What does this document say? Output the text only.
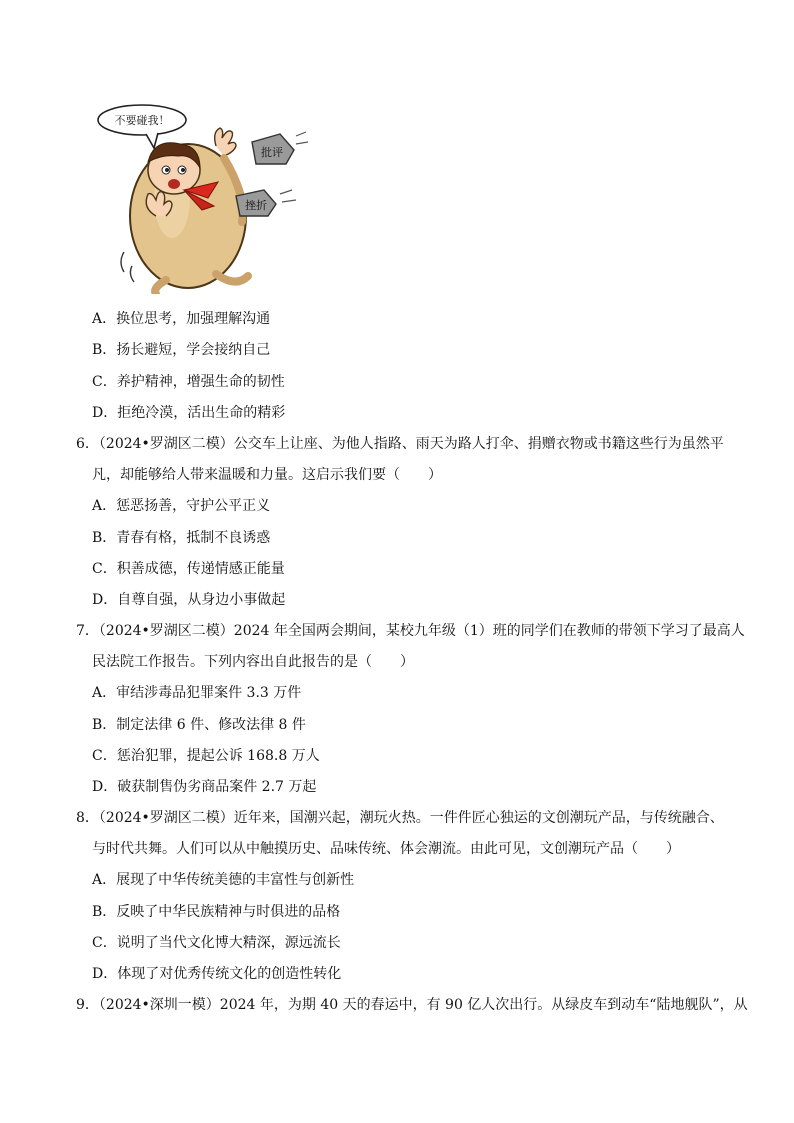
不要碰我！
批评
挫折
A．换位思考，加强理解沟通
B．扬长避短，学会接纳自己
C．养护精神，增强生命的韧性
D．拒绝冷漠，活出生命的精彩
6．（2024•罗湖区二模）公交车上让座、为他人指路、雨天为路人打伞、捐赠衣物或书籍这些行为虽然平
凡，却能够给人带来温暖和力量。这启示我们要（　　）
A．惩恶扬善，守护公平正义
B．青春有格，抵制不良诱惑
C．积善成德，传递情感正能量
D．自尊自强，从身边小事做起
7．（2024•罗湖区二模）2024 年全国两会期间，某校九年级（1）班的同学们在教师的带领下学习了最高人
民法院工作报告。下列内容出自此报告的是（　　）
A．审结涉毒品犯罪案件 3.3 万件
B．制定法律 6 件、修改法律 8 件
C．惩治犯罪，提起公诉 168.8 万人
D．破获制售伪劣商品案件 2.7 万起
8．（2024•罗湖区二模）近年来，国潮兴起，潮玩火热。一件件匠心独运的文创潮玩产品，与传统融合、
与时代共舞。人们可以从中触摸历史、品味传统、体会潮流。由此可见，文创潮玩产品（　　）
A．展现了中华传统美德的丰富性与创新性
B．反映了中华民族精神与时俱进的品格
C．说明了当代文化博大精深，源远流长
D．体现了对优秀传统文化的创造性转化
9．（2024•深圳一模）2024 年，为期 40 天的春运中，有 90 亿人次出行。从绿皮车到动车“陆地舰队”，从
